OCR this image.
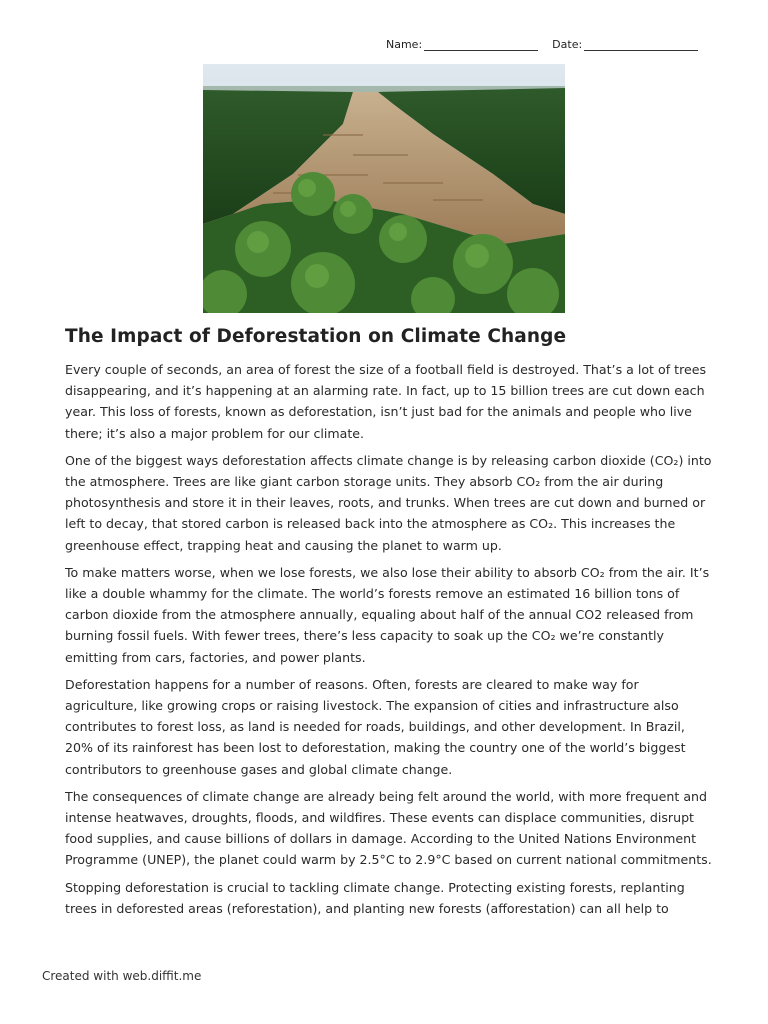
Name:	Date:
The Impact of Deforestation on Climate Change

Every couple of seconds, an area of forest the size of a football field is destroyed. That’s a lot of trees disappearing, and it’s happening at an alarming rate. In fact, up to 15 billion trees are cut down each year. This loss of forests, known as deforestation, isn’t just bad for the animals and people who live there; it’s also a major problem for our climate.

One of the biggest ways deforestation affects climate change is by releasing carbon dioxide (CO₂) into the atmosphere. Trees are like giant carbon storage units. They absorb CO₂ from the air during photosynthesis and store it in their leaves, roots, and trunks. When trees are cut down and burned or left to decay, that stored carbon is released back into the atmosphere as CO₂. This increases the greenhouse effect, trapping heat and causing the planet to warm up.

To make matters worse, when we lose forests, we also lose their ability to absorb CO₂ from the air. It’s like a double whammy for the climate. The world’s forests remove an estimated 16 billion tons of carbon dioxide from the atmosphere annually, equaling about half of the annual CO2 released from burning fossil fuels. With fewer trees, there’s less capacity to soak up the CO₂ we’re constantly emitting from cars, factories, and power plants.

Deforestation happens for a number of reasons. Often, forests are cleared to make way for agriculture, like growing crops or raising livestock. The expansion of cities and infrastructure also contributes to forest loss, as land is needed for roads, buildings, and other development. In Brazil, 20% of its rainforest has been lost to deforestation, making the country one of the world’s biggest contributors to greenhouse gases and global climate change.

The consequences of climate change are already being felt around the world, with more frequent and intense heatwaves, droughts, floods, and wildfires. These events can displace communities, disrupt food supplies, and cause billions of dollars in damage. According to the United Nations Environment Programme (UNEP), the planet could warm by 2.5°C to 2.9°C based on current national commitments.

Stopping deforestation is crucial to tackling climate change. Protecting existing forests, replanting trees in deforested areas (reforestation), and planting new forests (afforestation) can all help to

Created with web.diffit.me
